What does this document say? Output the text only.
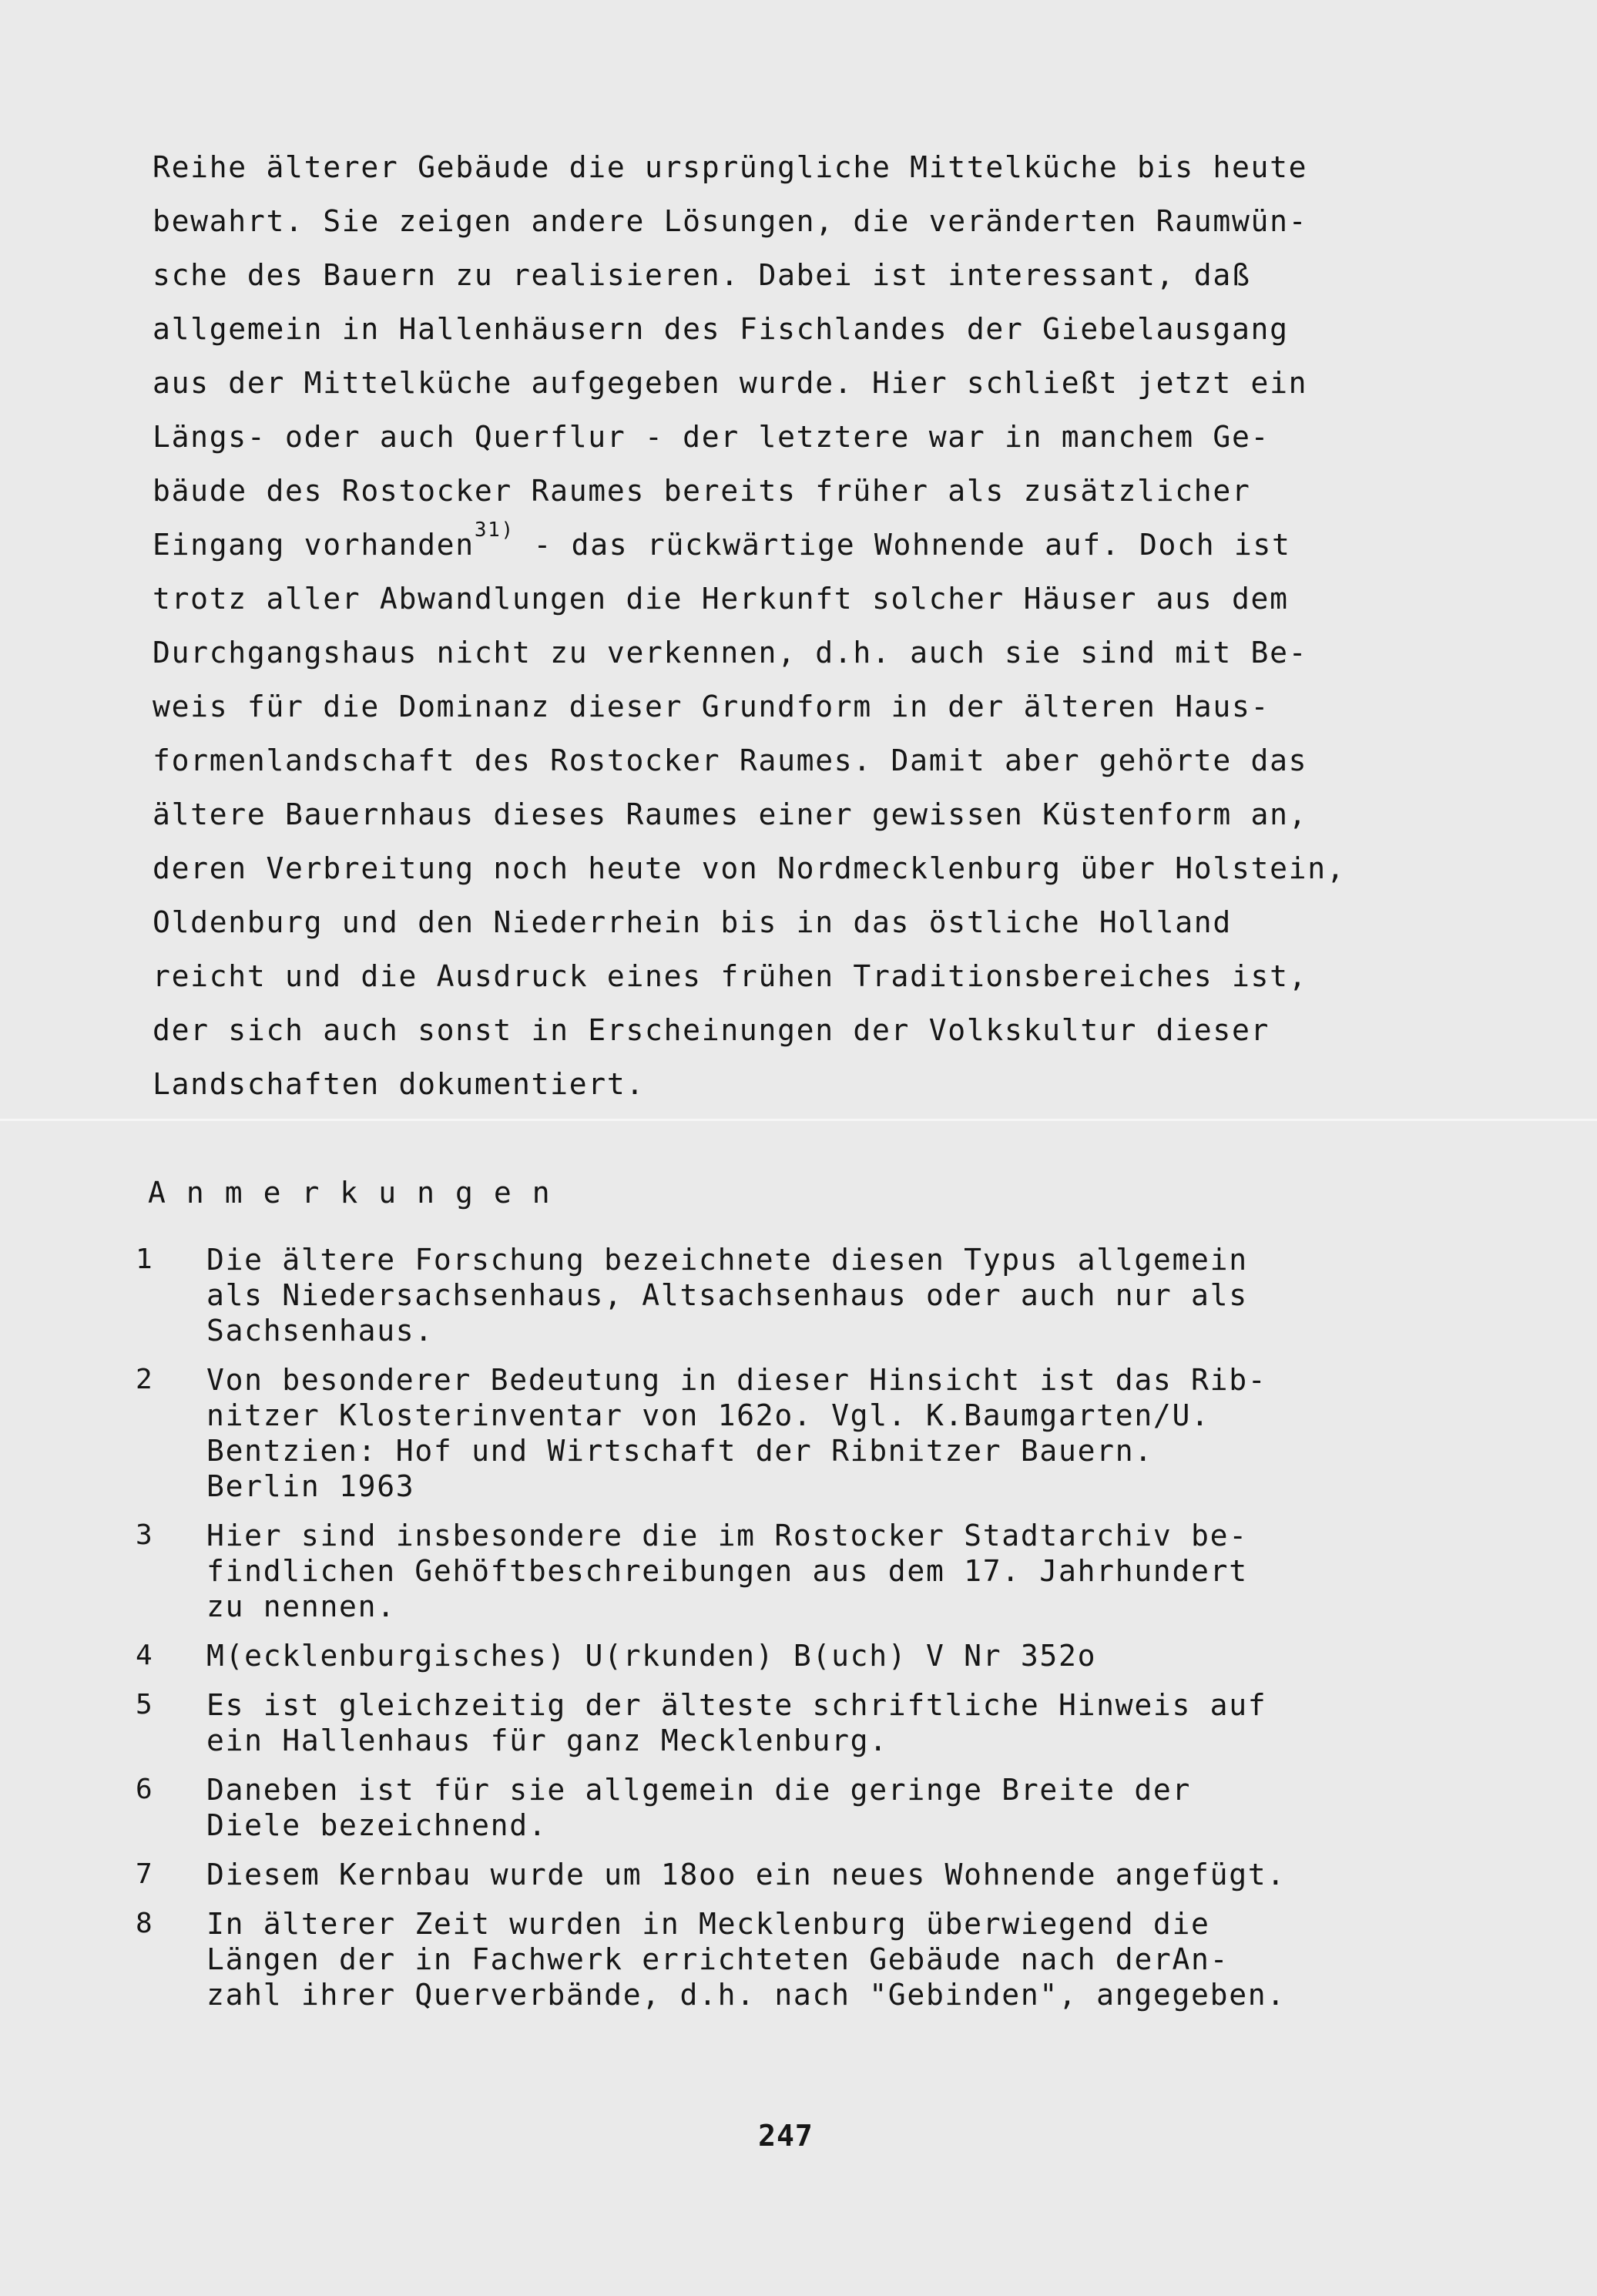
Reihe älterer Gebäude die ursprüngliche Mittelküche bis heute
bewahrt. Sie zeigen andere Lösungen, die veränderten Raumwün-
sche des Bauern zu realisieren. Dabei ist interessant, daß
allgemein in Hallenhäusern des Fischlandes der Giebelausgang
aus der Mittelküche aufgegeben wurde. Hier schließt jetzt ein
Längs- oder auch Querflur - der letztere war in manchem Ge-
bäude des Rostocker Raumes bereits früher als zusätzlicher
Eingang vorhanden$^{31)}$ - das rückwärtige Wohnende auf. Doch ist
trotz aller Abwandlungen die Herkunft solcher Häuser aus dem
Durchgangshaus nicht zu verkennen, d.h. auch sie sind mit Be-
weis für die Dominanz dieser Grundform in der älteren Haus-
formenlandschaft des Rostocker Raumes. Damit aber gehörte das
ältere Bauernhaus dieses Raumes einer gewissen Küstenform an,
deren Verbreitung noch heute von Nordmecklenburg über Holstein,
Oldenburg und den Niederrhein bis in das östliche Holland
reicht und die Ausdruck eines frühen Traditionsbereiches ist,
der sich auch sonst in Erscheinungen der Volkskultur dieser
Landschaften dokumentiert.
Anmerkungen
1 Die ältere Forschung bezeichnete diesen Typus allgemein
als Niedersachsenhaus, Altsachsenhaus oder auch nur als
Sachsenhaus.
2 Von besonderer Bedeutung in dieser Hinsicht ist das Rib-
nitzer Klosterinventar von 162o. Vgl. K.Baumgarten/U.
Bentzien: Hof und Wirtschaft der Ribnitzer Bauern.
Berlin 1963
3 Hier sind insbesondere die im Rostocker Stadtarchiv be-
findlichen Gehöftbeschreibungen aus dem 17. Jahrhundert
zu nennen.
4 M(ecklenburgisches) U(rkunden) B(uch) V Nr 352o
5 Es ist gleichzeitig der älteste schriftliche Hinweis auf
ein Hallenhaus für ganz Mecklenburg.
6 Daneben ist für sie allgemein die geringe Breite der
Diele bezeichnend.
7 Diesem Kernbau wurde um 18oo ein neues Wohnende angefügt.
8 In älterer Zeit wurden in Mecklenburg überwiegend die
Längen der in Fachwerk errichteten Gebäude nach derAn-
zahl ihrer Querverbände, d.h. nach "Gebinden", angegeben.
247
